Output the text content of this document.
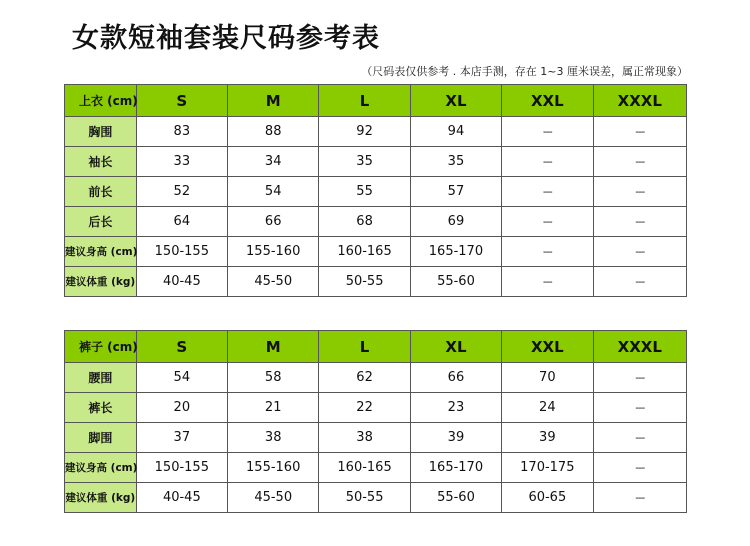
女款短袖套装尺码参考表
（尺码表仅供参考 . 本店手测，存在 1~3 厘米误差，属正常现象）
上衣 (cm)	S	M	L	XL	XXL	XXXL
胸围	83	88	92	94	---	---
袖长	33	34	35	35	---	---
前长	52	54	55	57	---	---
后长	64	66	68	69	---	---
建议身高 (cm)	150-155	155-160	160-165	165-170	---	---
建议体重 (kg)	40-45	45-50	50-55	55-60	---	---
裤子 (cm)	S	M	L	XL	XXL	XXXL
腰围	54	58	62	66	70	---
裤长	20	21	22	23	24	---
脚围	37	38	38	39	39	---
建议身高 (cm)	150-155	155-160	160-165	165-170	170-175	---
建议体重 (kg)	40-45	45-50	50-55	55-60	60-65	---
